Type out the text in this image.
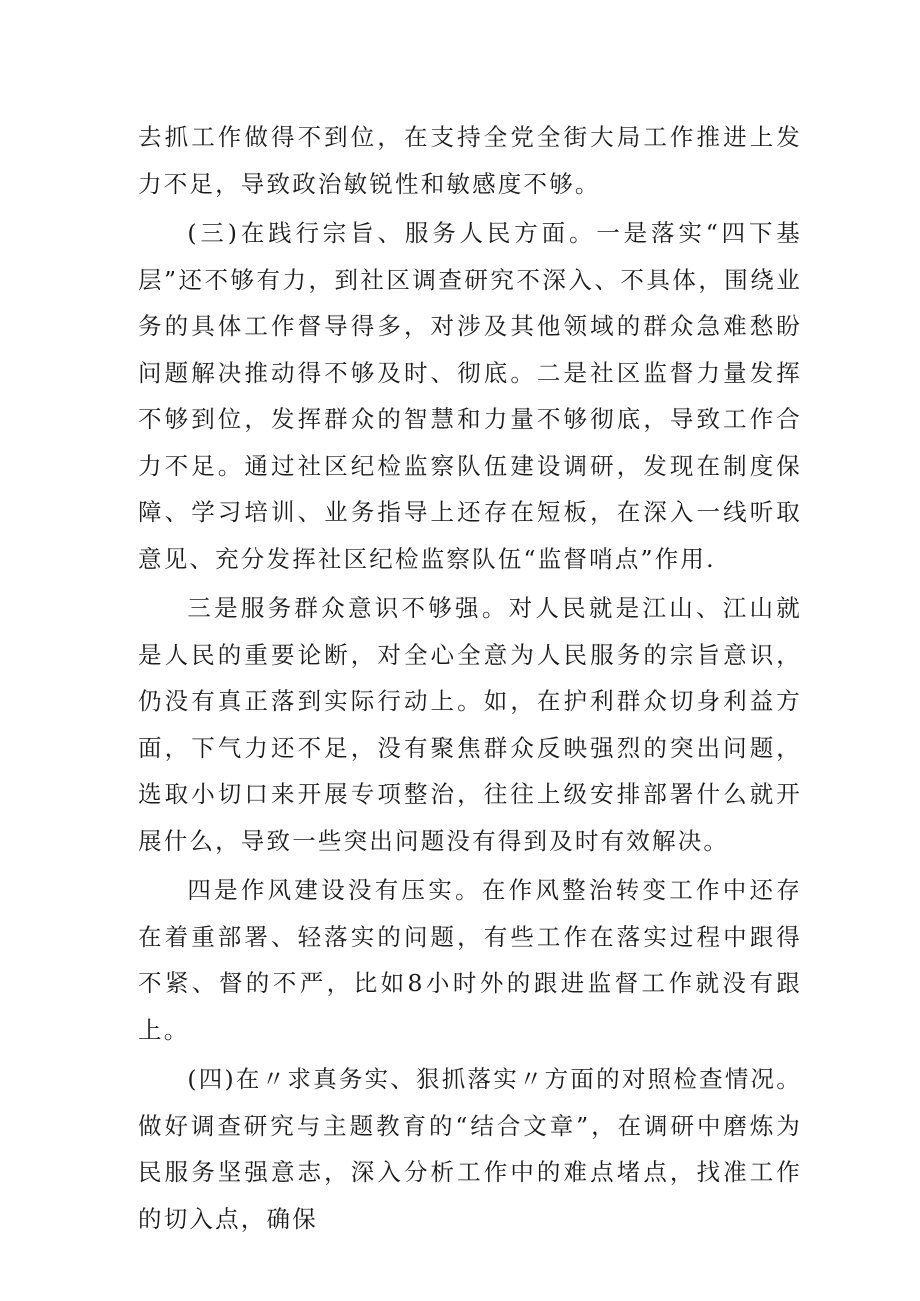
去抓工作做得不到位，在支持全党全街大局工作推进上发力不足，导致政治敏锐性和敏感度不够。

(三)在践行宗旨、服务人民方面。一是落实“四下基层”还不够有力，到社区调查研究不深入、不具体，围绕业务的具体工作督导得多，对涉及其他领域的群众急难愁盼问题解决推动得不够及时、彻底。二是社区监督力量发挥不够到位，发挥群众的智慧和力量不够彻底，导致工作合力不足。通过社区纪检监察队伍建设调研，发现在制度保障、学习培训、业务指导上还存在短板，在深入一线听取意见、充分发挥社区纪检监察队伍“监督哨点”作用.

三是服务群众意识不够强。对人民就是江山、江山就是人民的重要论断，对全心全意为人民服务的宗旨意识，仍没有真正落到实际行动上。如，在护利群众切身利益方面，下气力还不足，没有聚焦群众反映强烈的突出问题，选取小切口来开展专项整治，往往上级安排部署什么就开展什么，导致一些突出问题没有得到及时有效解决。

四是作风建设没有压实。在作风整治转变工作中还存在着重部署、轻落实的问题，有些工作在落实过程中跟得不紧、督的不严，比如8小时外的跟进监督工作就没有跟上。

(四)在〃求真务实、狠抓落实〃方面的对照检查情况。做好调查研究与主题教育的“结合文章”，在调研中磨炼为民服务坚强意志，深入分析工作中的难点堵点，找准工作的切入点，确保
